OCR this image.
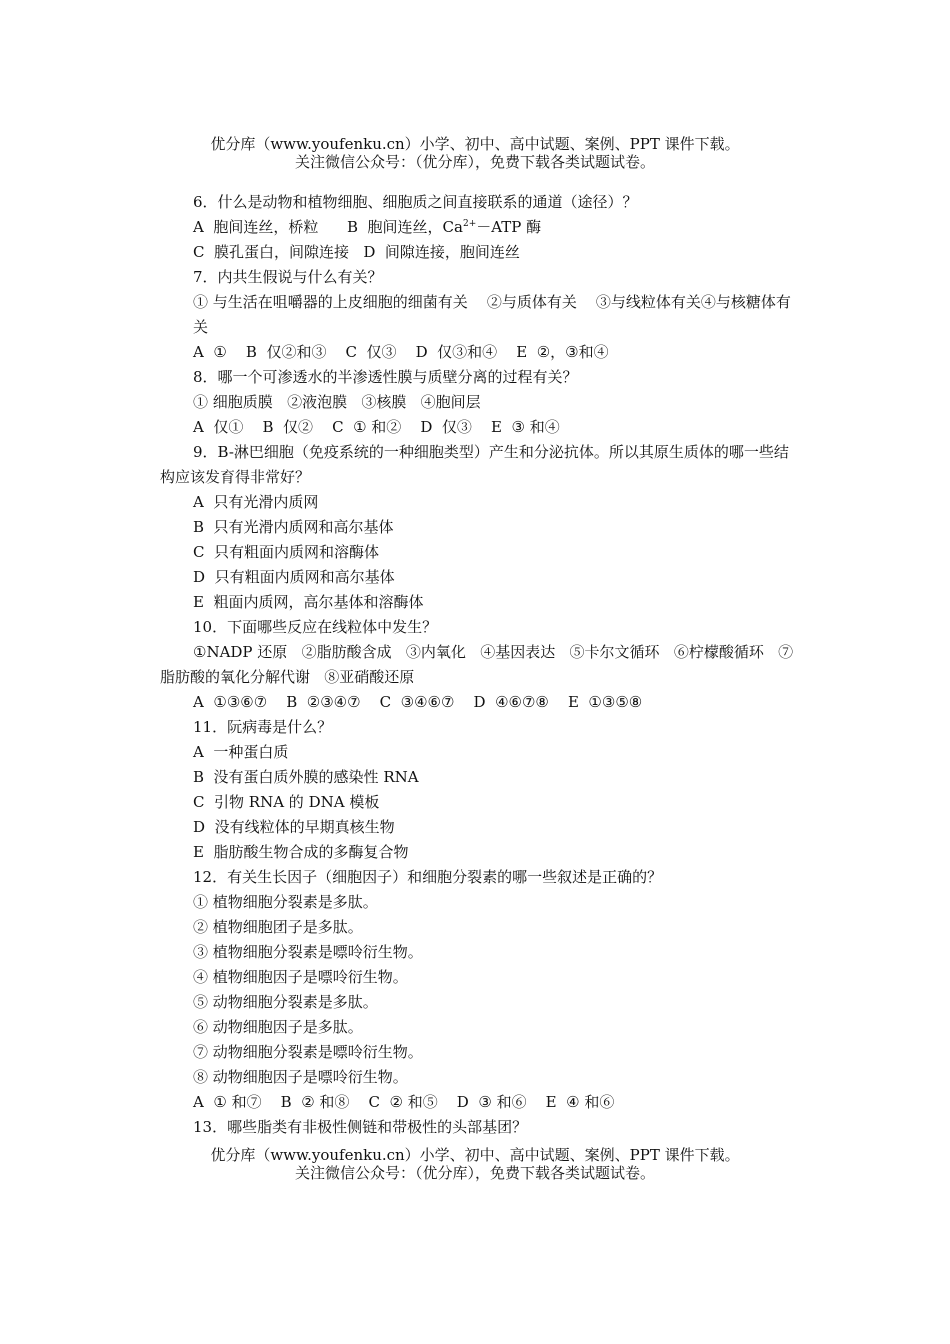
优分库（www.youfenku.cn）小学、初中、高中试题、案例、PPT 课件下载。
关注微信公众号：（优分库），免费下载各类试题试卷。
6．什么是动物和植物细胞、细胞质之间直接联系的通道（途径）？
A  胞间连丝，桥粒      B  胞间连丝，$Ca^{2+}-ATP$ 酶
C  膜孔蛋白，间隙连接   D  间隙连接，胞间连丝
7．内共生假说与什么有关？
① 与生活在咀嚼器的上皮细胞的细菌有关    ②与质体有关    ③与线粒体有关④与核糖体有关
A  ①    B  仅②和③    C  仅③    D  仅③和④    E  ②，③和④
8．哪一个可渗透水的半渗透性膜与质壁分离的过程有关？
① 细胞质膜   ②液泡膜   ③核膜   ④胞间层
A  仅①    B  仅②    C  ① 和②    D  仅③    E  ③ 和④
9．B-淋巴细胞（免疫系统的一种细胞类型）产生和分泌抗体。所以其原生质体的哪一些结构应该发育得非常好？
A  只有光滑内质网
B  只有光滑内质网和高尔基体
C  只有粗面内质网和溶酶体
D  只有粗面内质网和高尔基体
E  粗面内质网，高尔基体和溶酶体
10．下面哪些反应在线粒体中发生？
①NADP 还原   ②脂肪酸含成   ③内氧化   ④基因表达   ⑤卡尔文循环   ⑥柠檬酸循环   ⑦脂肪酸的氧化分解代谢   ⑧亚硝酸还原
A  ①③⑥⑦    B  ②③④⑦    C  ③④⑥⑦    D  ④⑥⑦⑧    E  ①③⑤⑧
11．阮病毒是什么？
A  一种蛋白质
B  没有蛋白质外膜的感染性 RNA
C  引物 RNA 的 DNA 模板
D  没有线粒体的早期真核生物
E  脂肪酸生物合成的多酶复合物
12．有关生长因子（细胞因子）和细胞分裂素的哪一些叙述是正确的？
① 植物细胞分裂素是多肽。
② 植物细胞团子是多肽。
③ 植物细胞分裂素是嘌呤衍生物。
④ 植物细胞因子是嘌呤衍生物。
⑤ 动物细胞分裂素是多肽。
⑥ 动物细胞因子是多肽。
⑦ 动物细胞分裂素是嘌呤衍生物。
⑧ 动物细胞因子是嘌呤衍生物。
A  ① 和⑦    B  ② 和⑧    C  ② 和⑤    D  ③ 和⑥    E  ④ 和⑥
13．哪些脂类有非极性侧链和带极性的头部基团？
优分库（www.youfenku.cn）小学、初中、高中试题、案例、PPT 课件下载。
关注微信公众号：（优分库），免费下载各类试题试卷。
